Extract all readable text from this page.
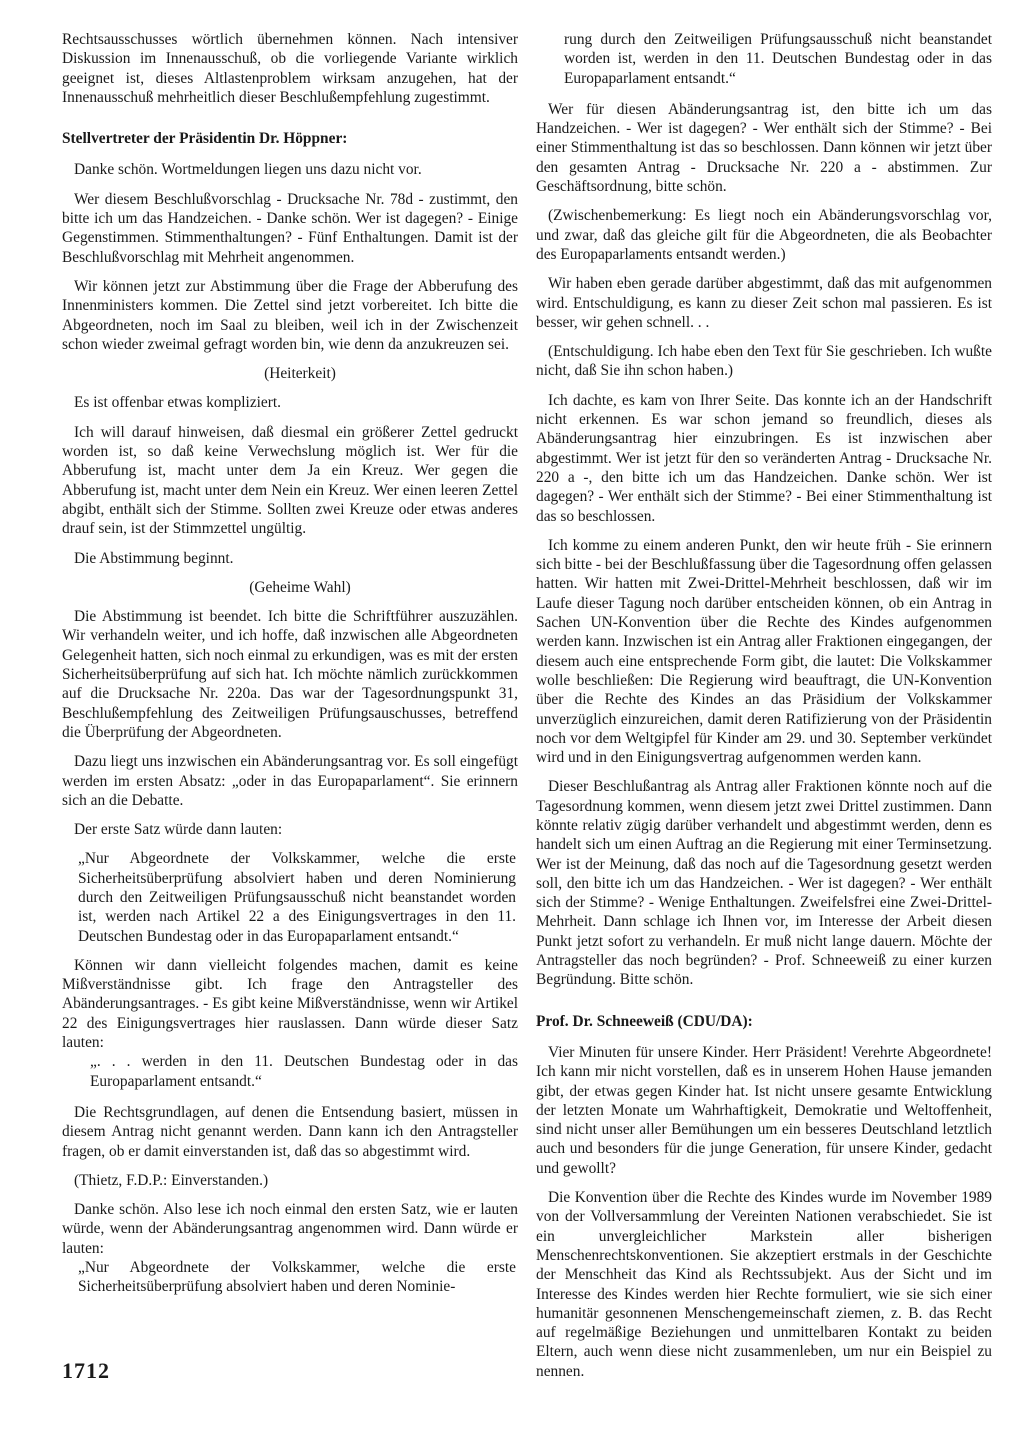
Rechtsausschusses wörtlich übernehmen können. Nach intensiver Diskussion im Innenausschuß, ob die vorliegende Variante wirklich geeignet ist, dieses Altlastenproblem wirksam anzugehen, hat der Innenausschuß mehrheitlich dieser Beschlußempfehlung zugestimmt.

Stellvertreter der Präsidentin Dr. Höppner:

Danke schön. Wortmeldungen liegen uns dazu nicht vor.

Wer diesem Beschlußvorschlag - Drucksache Nr. 78d - zustimmt, den bitte ich um das Handzeichen. - Danke schön. Wer ist dagegen? - Einige Gegenstimmen. Stimmenthaltungen? - Fünf Enthaltungen. Damit ist der Beschlußvorschlag mit Mehrheit angenommen.

Wir können jetzt zur Abstimmung über die Frage der Abberufung des Innenministers kommen. Die Zettel sind jetzt vorbereitet. Ich bitte die Abgeordneten, noch im Saal zu bleiben, weil ich in der Zwischenzeit schon wieder zweimal gefragt worden bin, wie denn da anzukreuzen sei.

(Heiterkeit)

Es ist offenbar etwas kompliziert.

Ich will darauf hinweisen, daß diesmal ein größerer Zettel gedruckt worden ist, so daß keine Verwechslung möglich ist. Wer für die Abberufung ist, macht unter dem Ja ein Kreuz. Wer gegen die Abberufung ist, macht unter dem Nein ein Kreuz. Wer einen leeren Zettel abgibt, enthält sich der Stimme. Sollten zwei Kreuze oder etwas anderes drauf sein, ist der Stimmzettel ungültig.

Die Abstimmung beginnt.

(Geheime Wahl)

Die Abstimmung ist beendet. Ich bitte die Schriftführer auszuzählen. Wir verhandeln weiter, und ich hoffe, daß inzwischen alle Abgeordneten Gelegenheit hatten, sich noch einmal zu erkundigen, was es mit der ersten Sicherheitsüberprüfung auf sich hat. Ich möchte nämlich zurückkommen auf die Drucksache Nr. 220a. Das war der Tagesordnungspunkt 31, Beschlußempfehlung des Zeitweiligen Prüfungsauschusses, betreffend die Überprüfung der Abgeordneten.

Dazu liegt uns inzwischen ein Abänderungsantrag vor. Es soll eingefügt werden im ersten Absatz: „oder in das Europaparlament“. Sie erinnern sich an die Debatte.

Der erste Satz würde dann lauten:

„Nur Abgeordnete der Volkskammer, welche die erste Sicherheitsüberprüfung absolviert haben und deren Nominierung durch den Zeitweiligen Prüfungsausschuß nicht beanstandet worden ist, werden nach Artikel 22 a des Einigungsvertrages in den 11. Deutschen Bundestag oder in das Europaparlament entsandt.“

Können wir dann vielleicht folgendes machen, damit es keine Mißverständnisse gibt. Ich frage den Antragsteller des Abänderungsantrages. - Es gibt keine Mißverständnisse, wenn wir Artikel 22 des Einigungsvertrages hier rauslassen. Dann würde dieser Satz lauten:

„. . . werden in den 11. Deutschen Bundestag oder in das Europaparlament entsandt.“

Die Rechtsgrundlagen, auf denen die Entsendung basiert, müssen in diesem Antrag nicht genannt werden. Dann kann ich den Antragsteller fragen, ob er damit einverstanden ist, daß das so abgestimmt wird.

(Thietz, F.D.P.: Einverstanden.)

Danke schön. Also lese ich noch einmal den ersten Satz, wie er lauten würde, wenn der Abänderungsantrag angenommen wird. Dann würde er lauten:

„Nur Abgeordnete der Volkskammer, welche die erste Sicherheitsüberprüfung absolviert haben und deren Nominie-

rung durch den Zeitweiligen Prüfungsausschuß nicht beanstandet worden ist, werden in den 11. Deutschen Bundestag oder in das Europaparlament entsandt.“

Wer für diesen Abänderungsantrag ist, den bitte ich um das Handzeichen. - Wer ist dagegen? - Wer enthält sich der Stimme? - Bei einer Stimmenthaltung ist das so beschlossen. Dann können wir jetzt über den gesamten Antrag - Drucksache Nr. 220 a - abstimmen. Zur Geschäftsordnung, bitte schön.

(Zwischenbemerkung: Es liegt noch ein Abänderungsvorschlag vor, und zwar, daß das gleiche gilt für die Abgeordneten, die als Beobachter des Europaparlaments entsandt werden.)

Wir haben eben gerade darüber abgestimmt, daß das mit aufgenommen wird. Entschuldigung, es kann zu dieser Zeit schon mal passieren. Es ist besser, wir gehen schnell. . .

(Entschuldigung. Ich habe eben den Text für Sie geschrieben. Ich wußte nicht, daß Sie ihn schon haben.)

Ich dachte, es kam von Ihrer Seite. Das konnte ich an der Handschrift nicht erkennen. Es war schon jemand so freundlich, dieses als Abänderungsantrag hier einzubringen. Es ist inzwischen aber abgestimmt. Wer ist jetzt für den so veränderten Antrag - Drucksache Nr. 220 a -, den bitte ich um das Handzeichen. Danke schön. Wer ist dagegen? - Wer enthält sich der Stimme? - Bei einer Stimmenthaltung ist das so beschlossen.

Ich komme zu einem anderen Punkt, den wir heute früh - Sie erinnern sich bitte - bei der Beschlußfassung über die Tagesordnung offen gelassen hatten. Wir hatten mit Zwei-Drittel-Mehrheit beschlossen, daß wir im Laufe dieser Tagung noch darüber entscheiden können, ob ein Antrag in Sachen UN-Konvention über die Rechte des Kindes aufgenommen werden kann. Inzwischen ist ein Antrag aller Fraktionen eingegangen, der diesem auch eine entsprechende Form gibt, die lautet: Die Volkskammer wolle beschließen: Die Regierung wird beauftragt, die UN-Konvention über die Rechte des Kindes an das Präsidium der Volkskammer unverzüglich einzureichen, damit deren Ratifizierung von der Präsidentin noch vor dem Weltgipfel für Kinder am 29. und 30. September verkündet wird und in den Einigungsvertrag aufgenommen werden kann.

Dieser Beschlußantrag als Antrag aller Fraktionen könnte noch auf die Tagesordnung kommen, wenn diesem jetzt zwei Drittel zustimmen. Dann könnte relativ zügig darüber verhandelt und abgestimmt werden, denn es handelt sich um einen Auftrag an die Regierung mit einer Terminsetzung. Wer ist der Meinung, daß das noch auf die Tagesordnung gesetzt werden soll, den bitte ich um das Handzeichen. - Wer ist dagegen? - Wer enthält sich der Stimme? - Wenige Enthaltungen. Zweifelsfrei eine Zwei-Drittel-Mehrheit. Dann schlage ich Ihnen vor, im Interesse der Arbeit diesen Punkt jetzt sofort zu verhandeln. Er muß nicht lange dauern. Möchte der Antragsteller das noch begründen? - Prof. Schneeweiß zu einer kurzen Begründung. Bitte schön.

Prof. Dr. Schneeweiß (CDU/DA):

Vier Minuten für unsere Kinder. Herr Präsident! Verehrte Abgeordnete! Ich kann mir nicht vorstellen, daß es in unserem Hohen Hause jemanden gibt, der etwas gegen Kinder hat. Ist nicht unsere gesamte Entwicklung der letzten Monate um Wahrhaftigkeit, Demokratie und Weltoffenheit, sind nicht unser aller Bemühungen um ein besseres Deutschland letztlich auch und besonders für die junge Generation, für unsere Kinder, gedacht und gewollt?

Die Konvention über die Rechte des Kindes wurde im November 1989 von der Vollversammlung der Vereinten Nationen verabschiedet. Sie ist ein unvergleichlicher Markstein aller bisherigen Menschenrechtskonventionen. Sie akzeptiert erstmals in der Geschichte der Menschheit das Kind als Rechtssubjekt. Aus der Sicht und im Interesse des Kindes werden hier Rechte formuliert, wie sie sich einer humanitär gesonnenen Menschengemeinschaft ziemen, z. B. das Recht auf regelmäßige Beziehungen und unmittelbaren Kontakt zu beiden Eltern, auch wenn diese nicht zusammenleben, um nur ein Beispiel zu nennen.

1712
